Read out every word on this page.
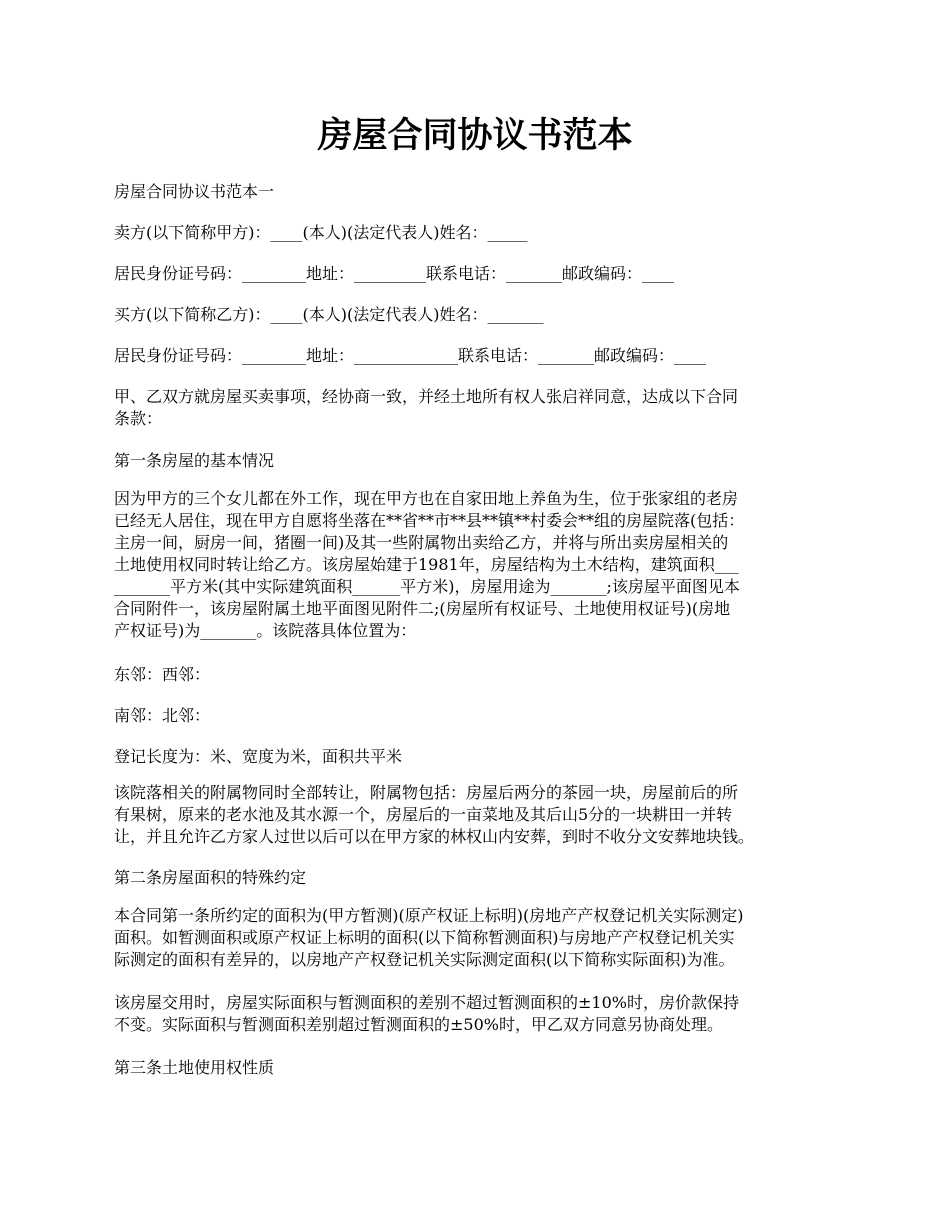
房屋合同协议书范本

房屋合同协议书范本一

卖方(以下简称甲方)：____(本人)(法定代表人)姓名：_____

居民身份证号码：________地址：_________联系电话：_______邮政编码：____

买方(以下简称乙方)：____(本人)(法定代表人)姓名：_______

居民身份证号码：________地址：_____________联系电话：_______邮政编码：____

甲、乙双方就房屋买卖事项，经协商一致，并经土地所有权人张启祥同意，达成以下合同
条款：

第一条房屋的基本情况

因为甲方的三个女儿都在外工作，现在甲方也在自家田地上养鱼为生，位于张家组的老房
已经无人居住，现在甲方自愿将坐落在**省**市**县**镇**村委会**组的房屋院落(包括：
主房一间，厨房一间，猪圈一间)及其一些附属物出卖给乙方，并将与所出卖房屋相关的
土地使用权同时转让给乙方。该房屋始建于1981年，房屋结构为土木结构，建筑面积___
_______平方米(其中实际建筑面积______平方米)，房屋用途为_______;该房屋平面图见本
合同附件一，该房屋附属土地平面图见附件二;(房屋所有权证号、土地使用权证号)(房地
产权证号)为_______。该院落具体位置为：

东邻：西邻：

南邻：北邻：

登记长度为：米、宽度为米，面积共平米

该院落相关的附属物同时全部转让，附属物包括：房屋后两分的茶园一块，房屋前后的所
有果树，原来的老水池及其水源一个，房屋后的一亩菜地及其后山5分的一块耕田一并转
让，并且允许乙方家人过世以后可以在甲方家的林权山内安葬，到时不收分文安葬地块钱。

第二条房屋面积的特殊约定

本合同第一条所约定的面积为(甲方暂测)(原产权证上标明)(房地产产权登记机关实际测定)
面积。如暂测面积或原产权证上标明的面积(以下简称暂测面积)与房地产产权登记机关实
际测定的面积有差异的，以房地产产权登记机关实际测定面积(以下简称实际面积)为准。

该房屋交用时，房屋实际面积与暂测面积的差别不超过暂测面积的±10%时，房价款保持
不变。实际面积与暂测面积差别超过暂测面积的±50%时，甲乙双方同意另协商处理。

第三条土地使用权性质
